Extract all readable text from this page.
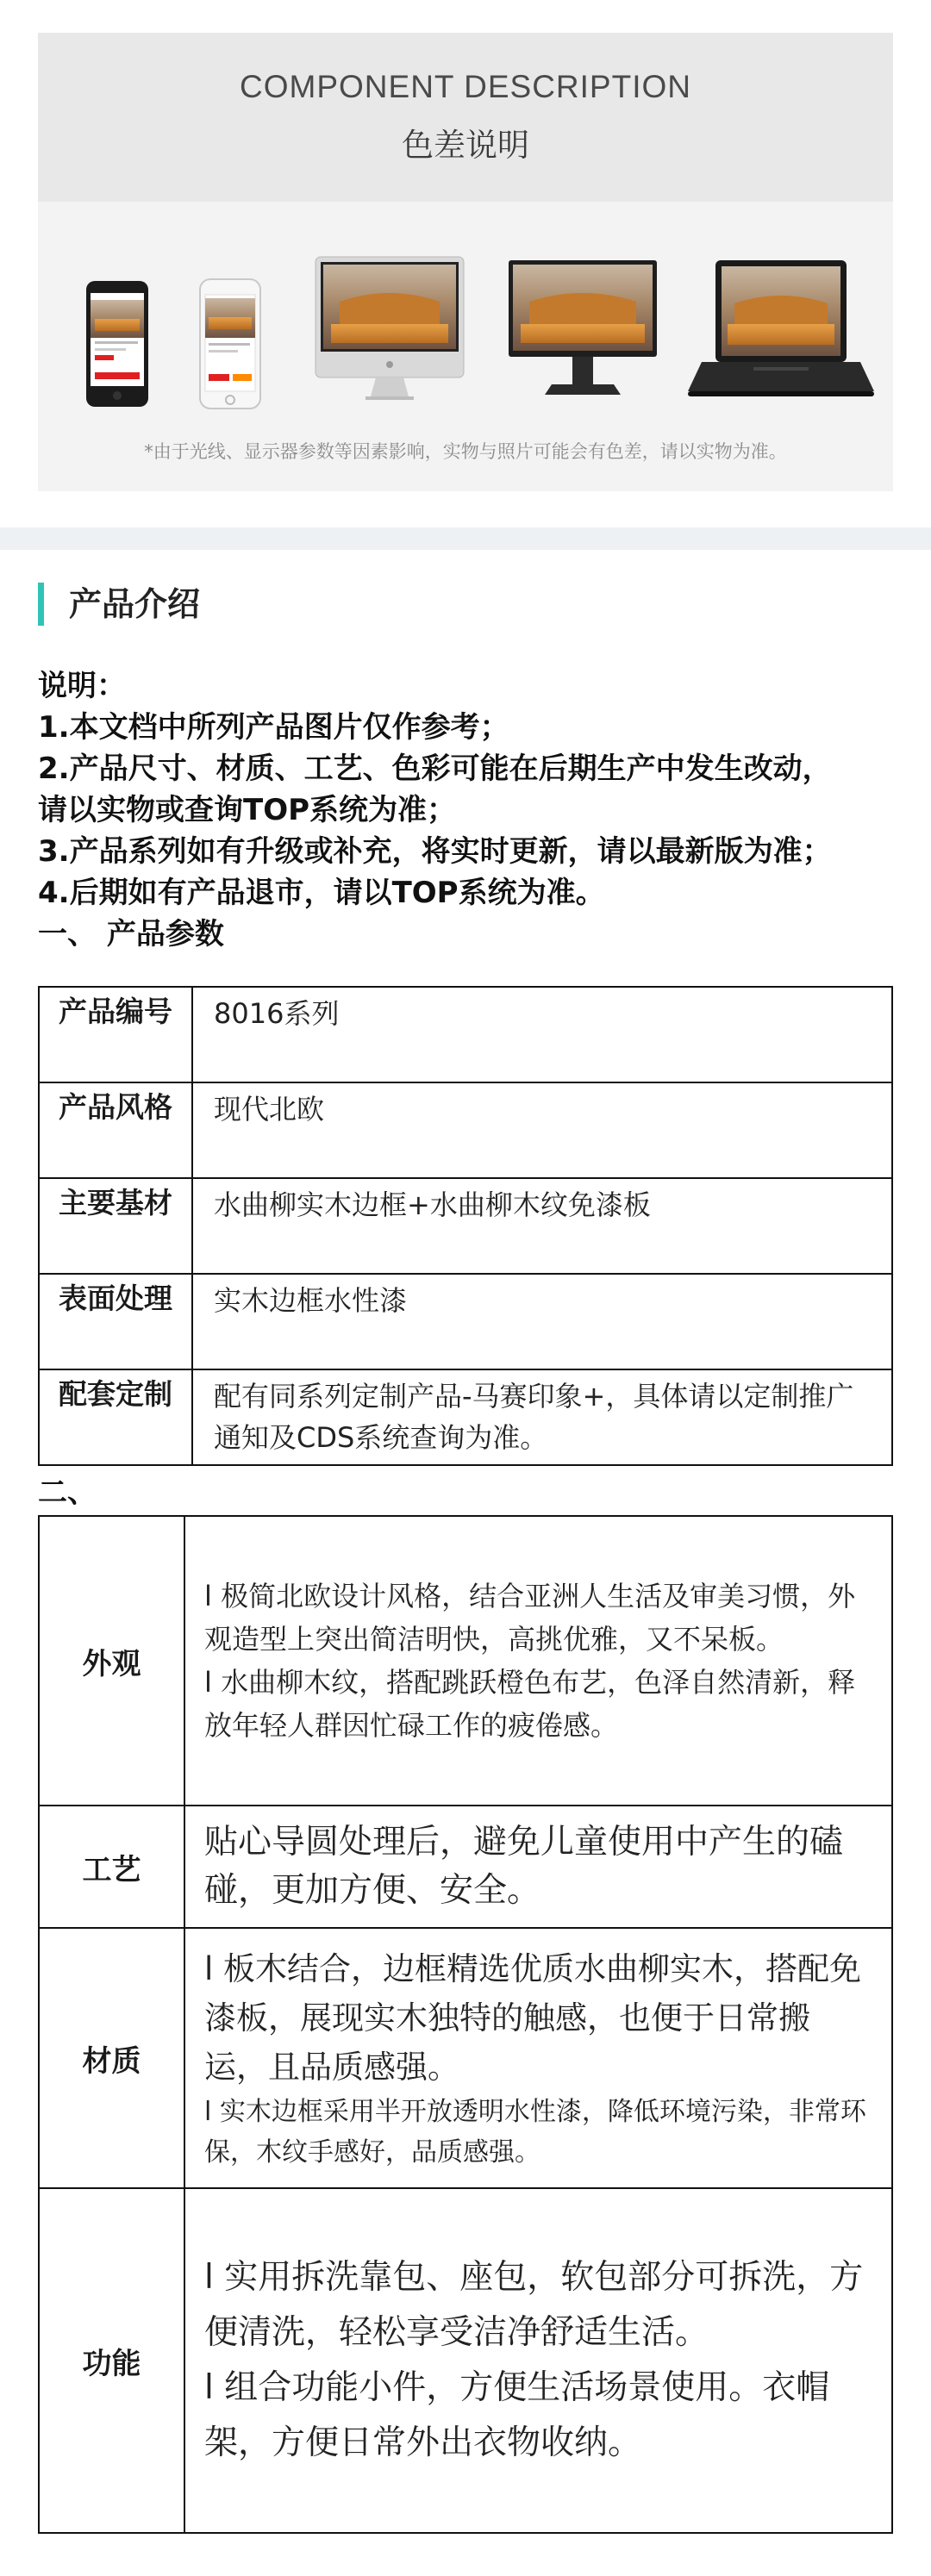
COMPONENT DESCRIPTION
色差说明
*由于光线、显示器参数等因素影响，实物与照片可能会有色差，请以实物为准。
产品介绍
说明：
1.本文档中所列产品图片仅作参考；
2.产品尺寸、材质、工艺、色彩可能在后期生产中发生改动，
请以实物或查询TOP系统为准；
3.产品系列如有升级或补充，将实时更新，请以最新版为准；
4.后期如有产品退市，请以TOP系统为准。
一、 产品参数
产品编号	8016系列
产品风格	现代北欧
主要基材	水曲柳实木边框+水曲柳木纹免漆板
表面处理	实木边框水性漆
配套定制	配有同系列定制产品-马赛印象+，具体请以定制推广通知及CDS系统查询为准。
二、
外观	l 极简北欧设计风格，结合亚洲人生活及审美习惯，外观造型上突出简洁明快，高挑优雅，又不呆板。
l 水曲柳木纹，搭配跳跃橙色布艺，色泽自然清新，释放年轻人群因忙碌工作的疲倦感。

工艺	贴心导圆处理后，避免儿童使用中产生的磕碰，更加方便、安全。

材质	l 板木结合，边框精选优质水曲柳实木，搭配免漆板，展现实木独特的触感，也便于日常搬运，且品质感强。
l 实木边框采用半开放透明水性漆，降低环境污染，非常环保，木纹手感好，品质感强。

功能	l 实用拆洗靠包、座包，软包部分可拆洗，方便清洗，轻松享受洁净舒适生活。
l 组合功能小件，方便生活场景使用。衣帽架，方便日常外出衣物收纳。
